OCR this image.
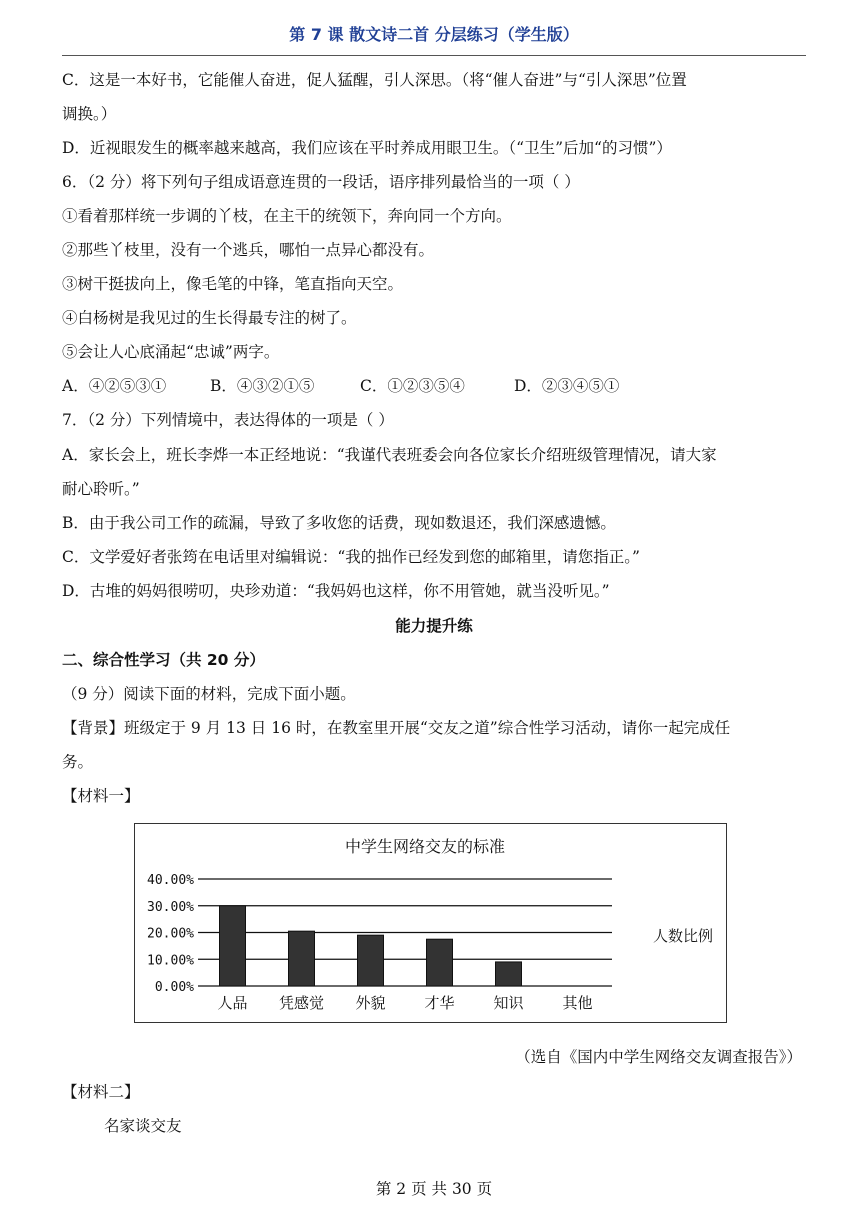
第 7 课 散文诗二首 分层练习（学生版）
C．这是一本好书，它能催人奋进，促人猛醒，引人深思。（将“催人奋进”与“引人深思”位置
调换。）
D．近视眼发生的概率越来越高，我们应该在平时养成用眼卫生。（“卫生”后加“的习惯”）
6．（2 分）将下列句子组成语意连贯的一段话，语序排列最恰当的一项（ ）
①看着那样统一步调的丫枝，在主干的统领下，奔向同一个方向。
②那些丫枝里，没有一个逃兵，哪怕一点异心都没有。
③树干挺拔向上，像毛笔的中锋，笔直指向天空。
④白杨树是我见过的生长得最专注的树了。
⑤会让人心底涌起“忠诚”两字。
A．④②⑤③①	B．④③②①⑤	C．①②③⑤④	D．②③④⑤①
7．（2 分）下列情境中，表达得体的一项是（ ）
A．家长会上，班长李烨一本正经地说：“我谨代表班委会向各位家长介绍班级管理情况，请大家
耐心聆听。”
B．由于我公司工作的疏漏，导致了多收您的话费，现如数退还，我们深感遗憾。
C．文学爱好者张筠在电话里对编辑说：“我的拙作已经发到您的邮箱里，请您指正。”
D．古堆的妈妈很唠叨，央珍劝道：“我妈妈也这样，你不用管她，就当没听见。”
能力提升练
二、综合性学习（共 20 分）
（9 分）阅读下面的材料，完成下面小题。
【背景】班级定于 9 月 13 日 16 时，在教室里开展“交友之道”综合性学习活动，请你一起完成任
务。
【材料一】
中学生网络交友的标准
0.00%
10.00%
20.00%
30.00%
40.00%
人品 凭感觉 外貌	才华	知识	其他
人数比例
（选自《国内中学生网络交友调查报告》）
【材料二】
名家谈交友
第 2 页 共 30 页
